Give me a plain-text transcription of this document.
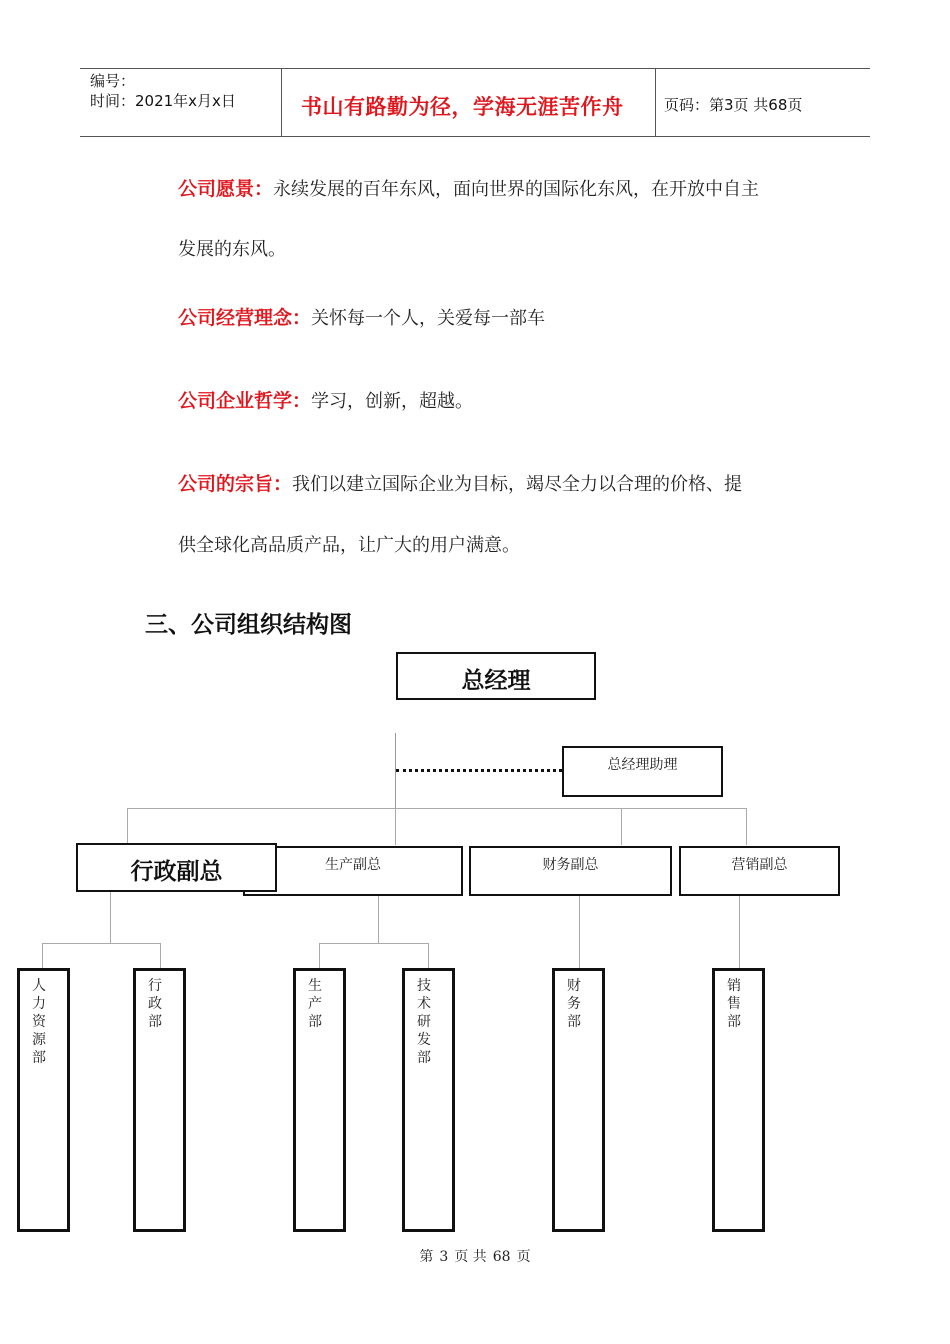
编号：
时间：2021年x月x日	书山有路勤为径，学海无涯苦作舟	页码：第3页 共68页
公司愿景：永续发展的百年东风，面向世界的国际化东风，在开放中自主
发展的东风。
公司经营理念：关怀每一个人，关爱每一部车
公司企业哲学：学习，创新，超越。
公司的宗旨：我们以建立国际企业为目标，竭尽全力以合理的价格、提
供全球化高品质产品，让广大的用户满意。
三、公司组织结构图
总经理
总经理助理
生产副总
行政副总	财务副总	营销副总
人力资源部
行政部
生产部
技术研发部
财务部
销售部
第 3 页 共 68 页
